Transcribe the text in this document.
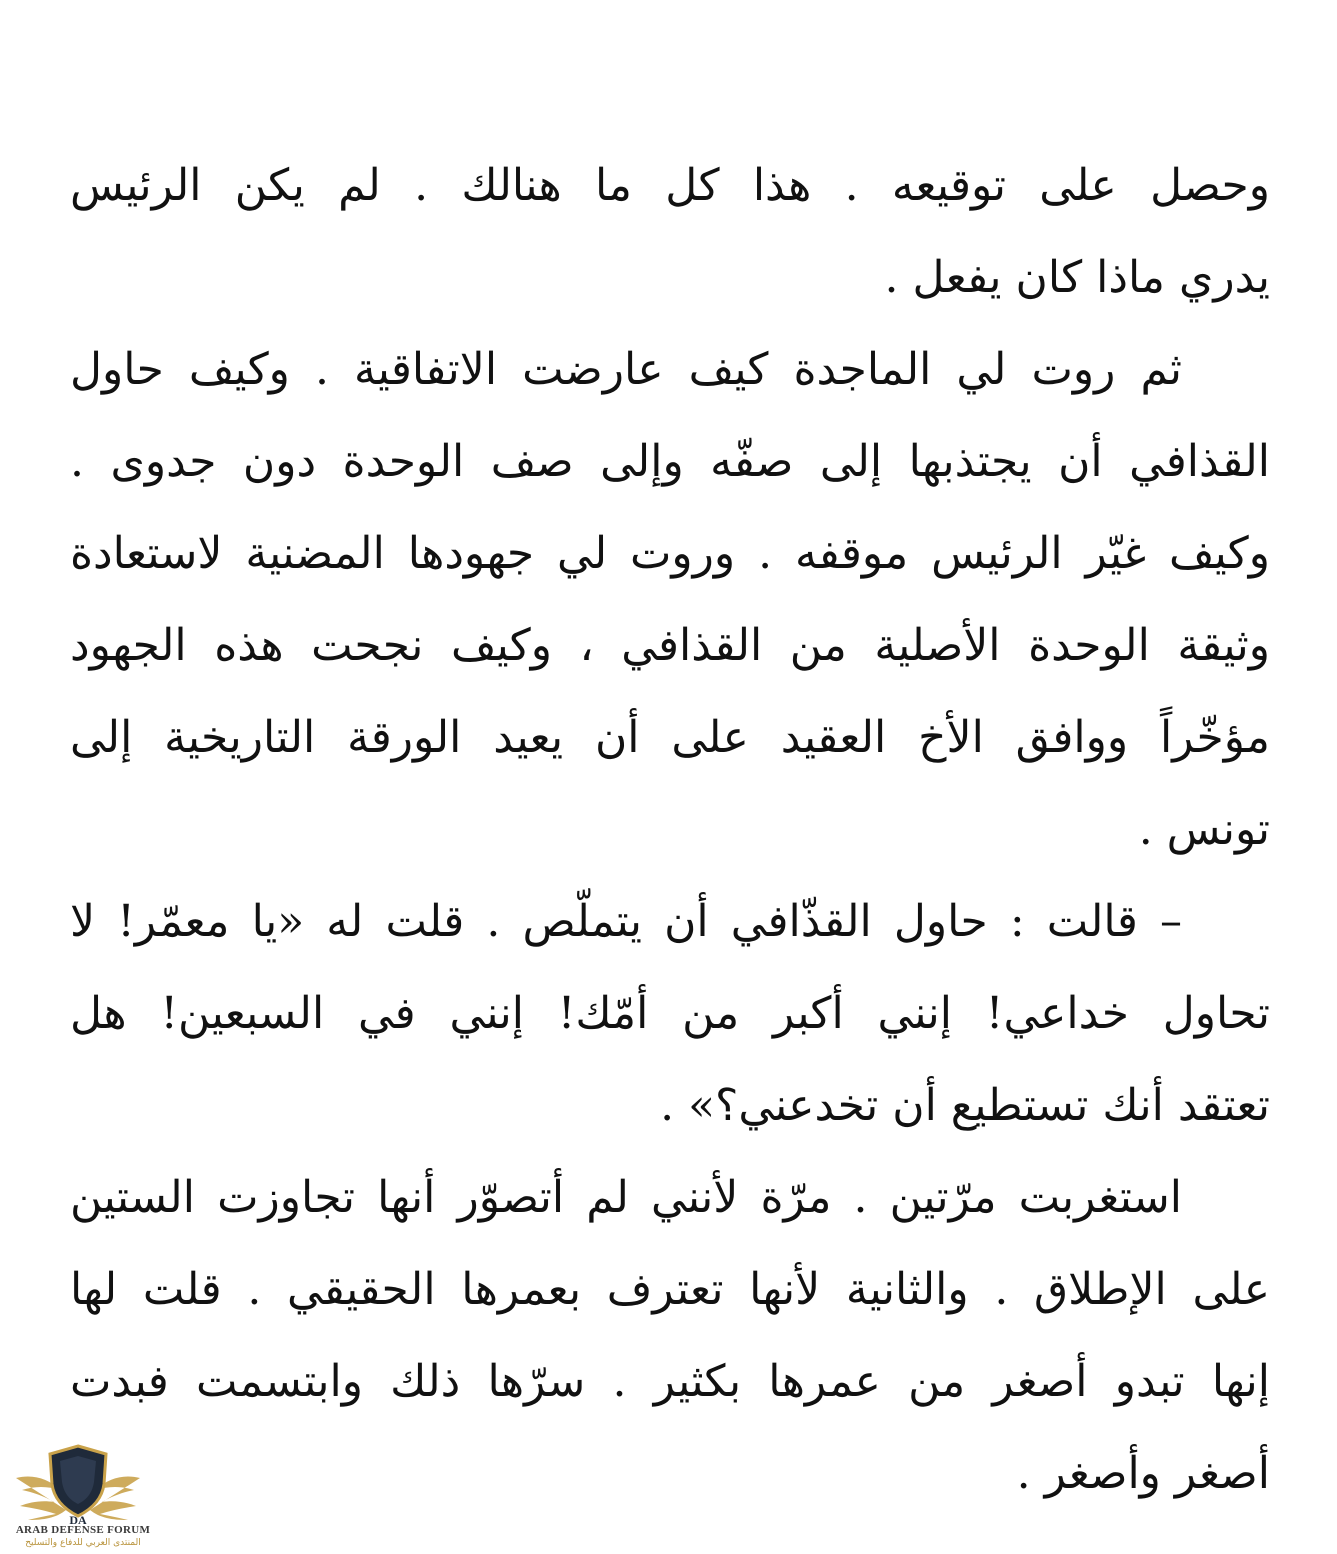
وحصل على توقيعه . هذا كل ما هنالك . لم يكن الرئيس
يدري ماذا كان يفعل .
ثم روت لي الماجدة كيف عارضت الاتفاقية . وكيف حاول
القذافي أن يجتذبها إلى صفّه وإلى صف الوحدة دون جدوى .
وكيف غيّر الرئيس موقفه . وروت لي جهودها المضنية لاستعادة
وثيقة الوحدة الأصلية من القذافي ، وكيف نجحت هذه الجهود
مؤخّراً ووافق الأخ العقيد على أن يعيد الورقة التاريخية إلى
تونس .
– قالت : حاول القذّافي أن يتملّص . قلت له «يا معمّر! لا
تحاول خداعي! إنني أكبر من أمّك! إنني في السبعين! هل
تعتقد أنك تستطيع أن تخدعني؟» .
استغربت مرّتين . مرّة لأنني لم أتصوّر أنها تجاوزت الستين
على الإطلاق . والثانية لأنها تعترف بعمرها الحقيقي . قلت لها
إنها تبدو أصغر من عمرها بكثير . سرّها ذلك وابتسمت فبدت
أصغر وأصغر .
DA
ARAB DEFENSE FORUM
المنتدى العربي للدفاع والتسليح
